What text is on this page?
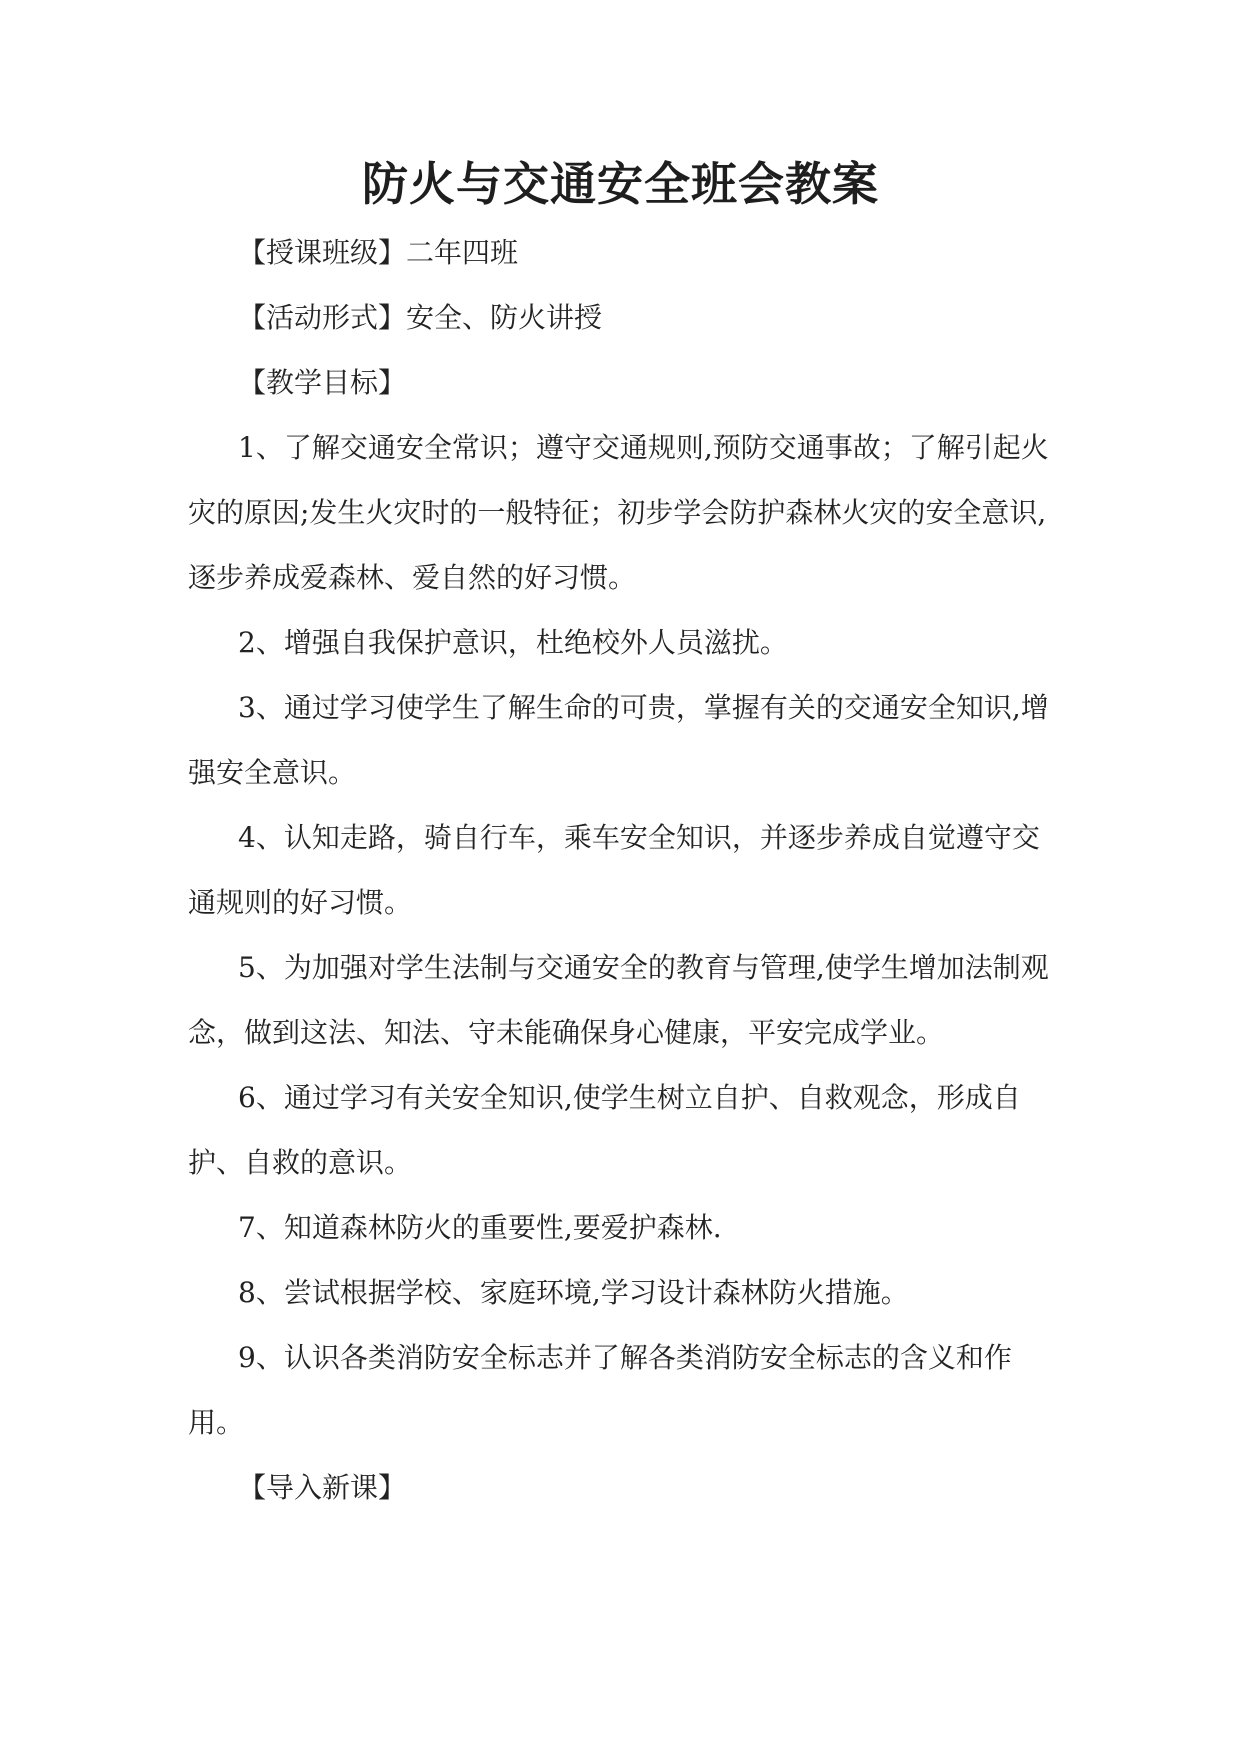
防火与交通安全班会教案

【授课班级】二年四班

【活动形式】安全、防火讲授

【教学目标】

1、了解交通安全常识；遵守交通规则,预防交通事故；了解引起火灾的原因;发生火灾时的一般特征；初步学会防护森林火灾的安全意识,逐步养成爱森林、爱自然的好习惯。

2、增强自我保护意识，杜绝校外人员滋扰。

3、通过学习使学生了解生命的可贵，掌握有关的交通安全知识,增强安全意识。

4、认知走路，骑自行车，乘车安全知识，并逐步养成自觉遵守交通规则的好习惯。

5、为加强对学生法制与交通安全的教育与管理,使学生增加法制观念，做到这法、知法、守未能确保身心健康，平安完成学业。

6、通过学习有关安全知识,使学生树立自护、自救观念，形成自护、自救的意识。

7、知道森林防火的重要性,要爱护森林.

8、尝试根据学校、家庭环境,学习设计森林防火措施。

9、认识各类消防安全标志并了解各类消防安全标志的含义和作用。

【导入新课】
